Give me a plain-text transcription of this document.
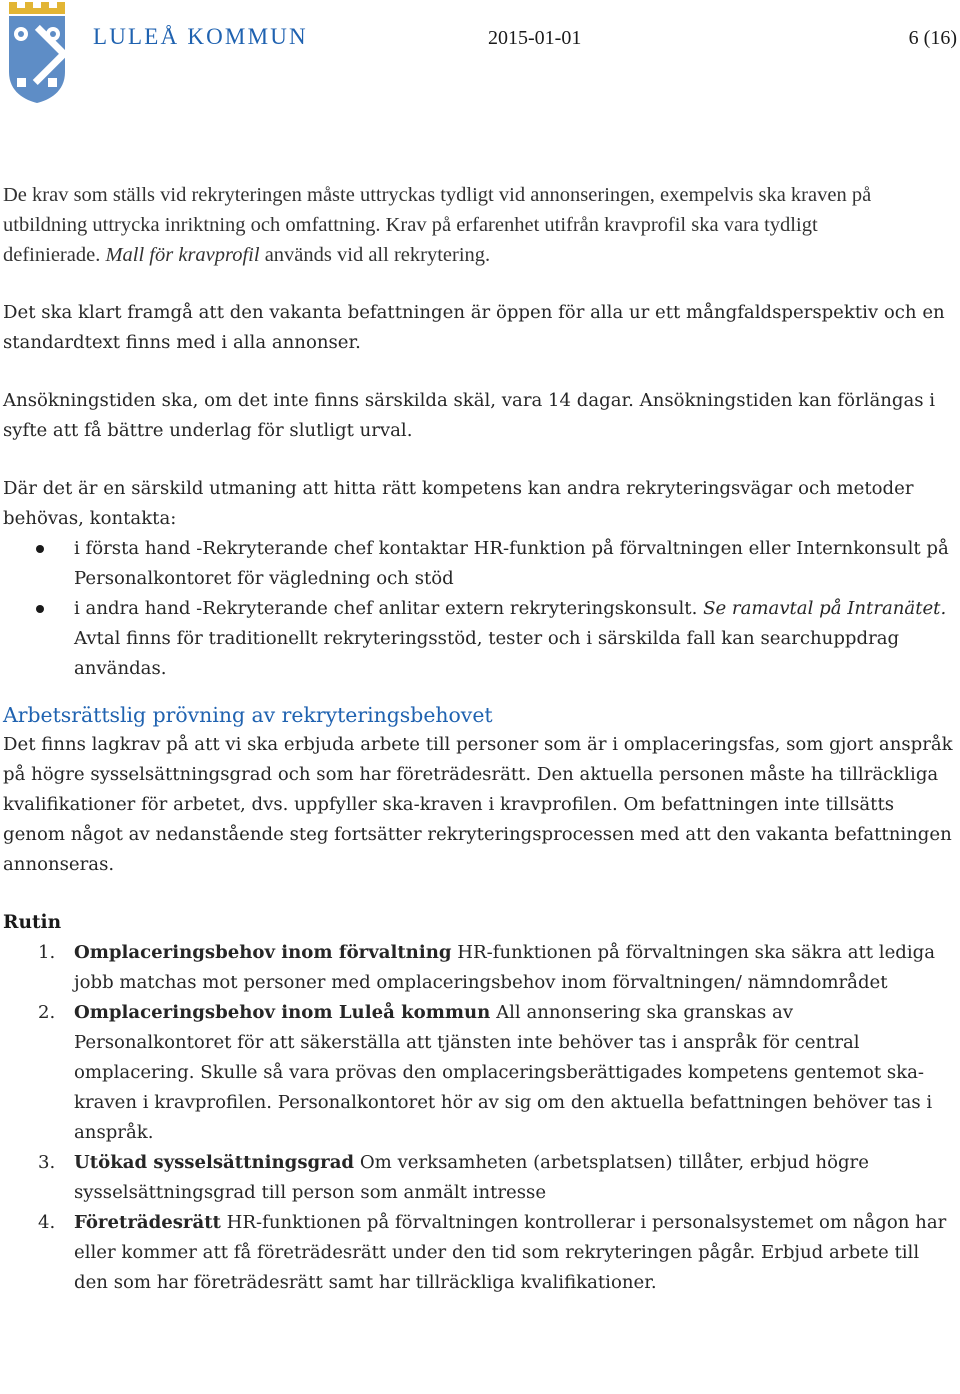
LULEÅ KOMMUN	2015-01-01	6 (16)

De krav som ställs vid rekryteringen måste uttryckas tydligt vid annonseringen, exempelvis ska kraven på utbildning uttrycka inriktning och omfattning. Krav på erfarenhet utifrån kravprofil ska vara tydligt definierade. Mall för kravprofil används vid all rekrytering.

Det ska klart framgå att den vakanta befattningen är öppen för alla ur ett mångfaldsperspektiv och en standardtext finns med i alla annonser.

Ansökningstiden ska, om det inte finns särskilda skäl, vara 14 dagar. Ansökningstiden kan förlängas i syfte att få bättre underlag för slutligt urval.

Där det är en särskild utmaning att hitta rätt kompetens kan andra rekryteringsvägar och metoder behövas, kontakta:

i första hand -Rekryterande chef kontaktar HR-funktion på förvaltningen eller Internkonsult på Personalkontoret för vägledning och stöd
i andra hand -Rekryterande chef anlitar extern rekryteringskonsult. Se ramavtal på Intranätet. Avtal finns för traditionellt rekryteringsstöd, tester och i särskilda fall kan searchuppdrag användas.
Arbetsrättslig prövning av rekryteringsbehovet

Det finns lagkrav på att vi ska erbjuda arbete till personer som är i omplaceringsfas, som gjort anspråk på högre sysselsättningsgrad och som har företrädesrätt. Den aktuella personen måste ha tillräckliga kvalifikationer för arbetet, dvs. uppfyller ska-kraven i kravprofilen. Om befattningen inte tillsätts genom något av nedanstående steg fortsätter rekryteringsprocessen med att den vakanta befattningen annonseras.

Rutin
1. Omplaceringsbehov inom förvaltning HR-funktionen på förvaltningen ska säkra att lediga jobb matchas mot personer med omplaceringsbehov inom förvaltningen/ nämndområdet
2. Omplaceringsbehov inom Luleå kommun All annonsering ska granskas av Personalkontoret för att säkerställa att tjänsten inte behöver tas i anspråk för central omplacering. Skulle så vara prövas den omplaceringsberättigades kompetens gentemot ska-kraven i kravprofilen. Personalkontoret hör av sig om den aktuella befattningen behöver tas i anspråk.
3. Utökad sysselsättningsgrad Om verksamheten (arbetsplatsen) tillåter, erbjud högre sysselsättningsgrad till person som anmält intresse
4. Företrädesrätt HR-funktionen på förvaltningen kontrollerar i personalsystemet om någon har eller kommer att få företrädesrätt under den tid som rekryteringen pågår. Erbjud arbete till den som har företrädesrätt samt har tillräckliga kvalifikationer.
